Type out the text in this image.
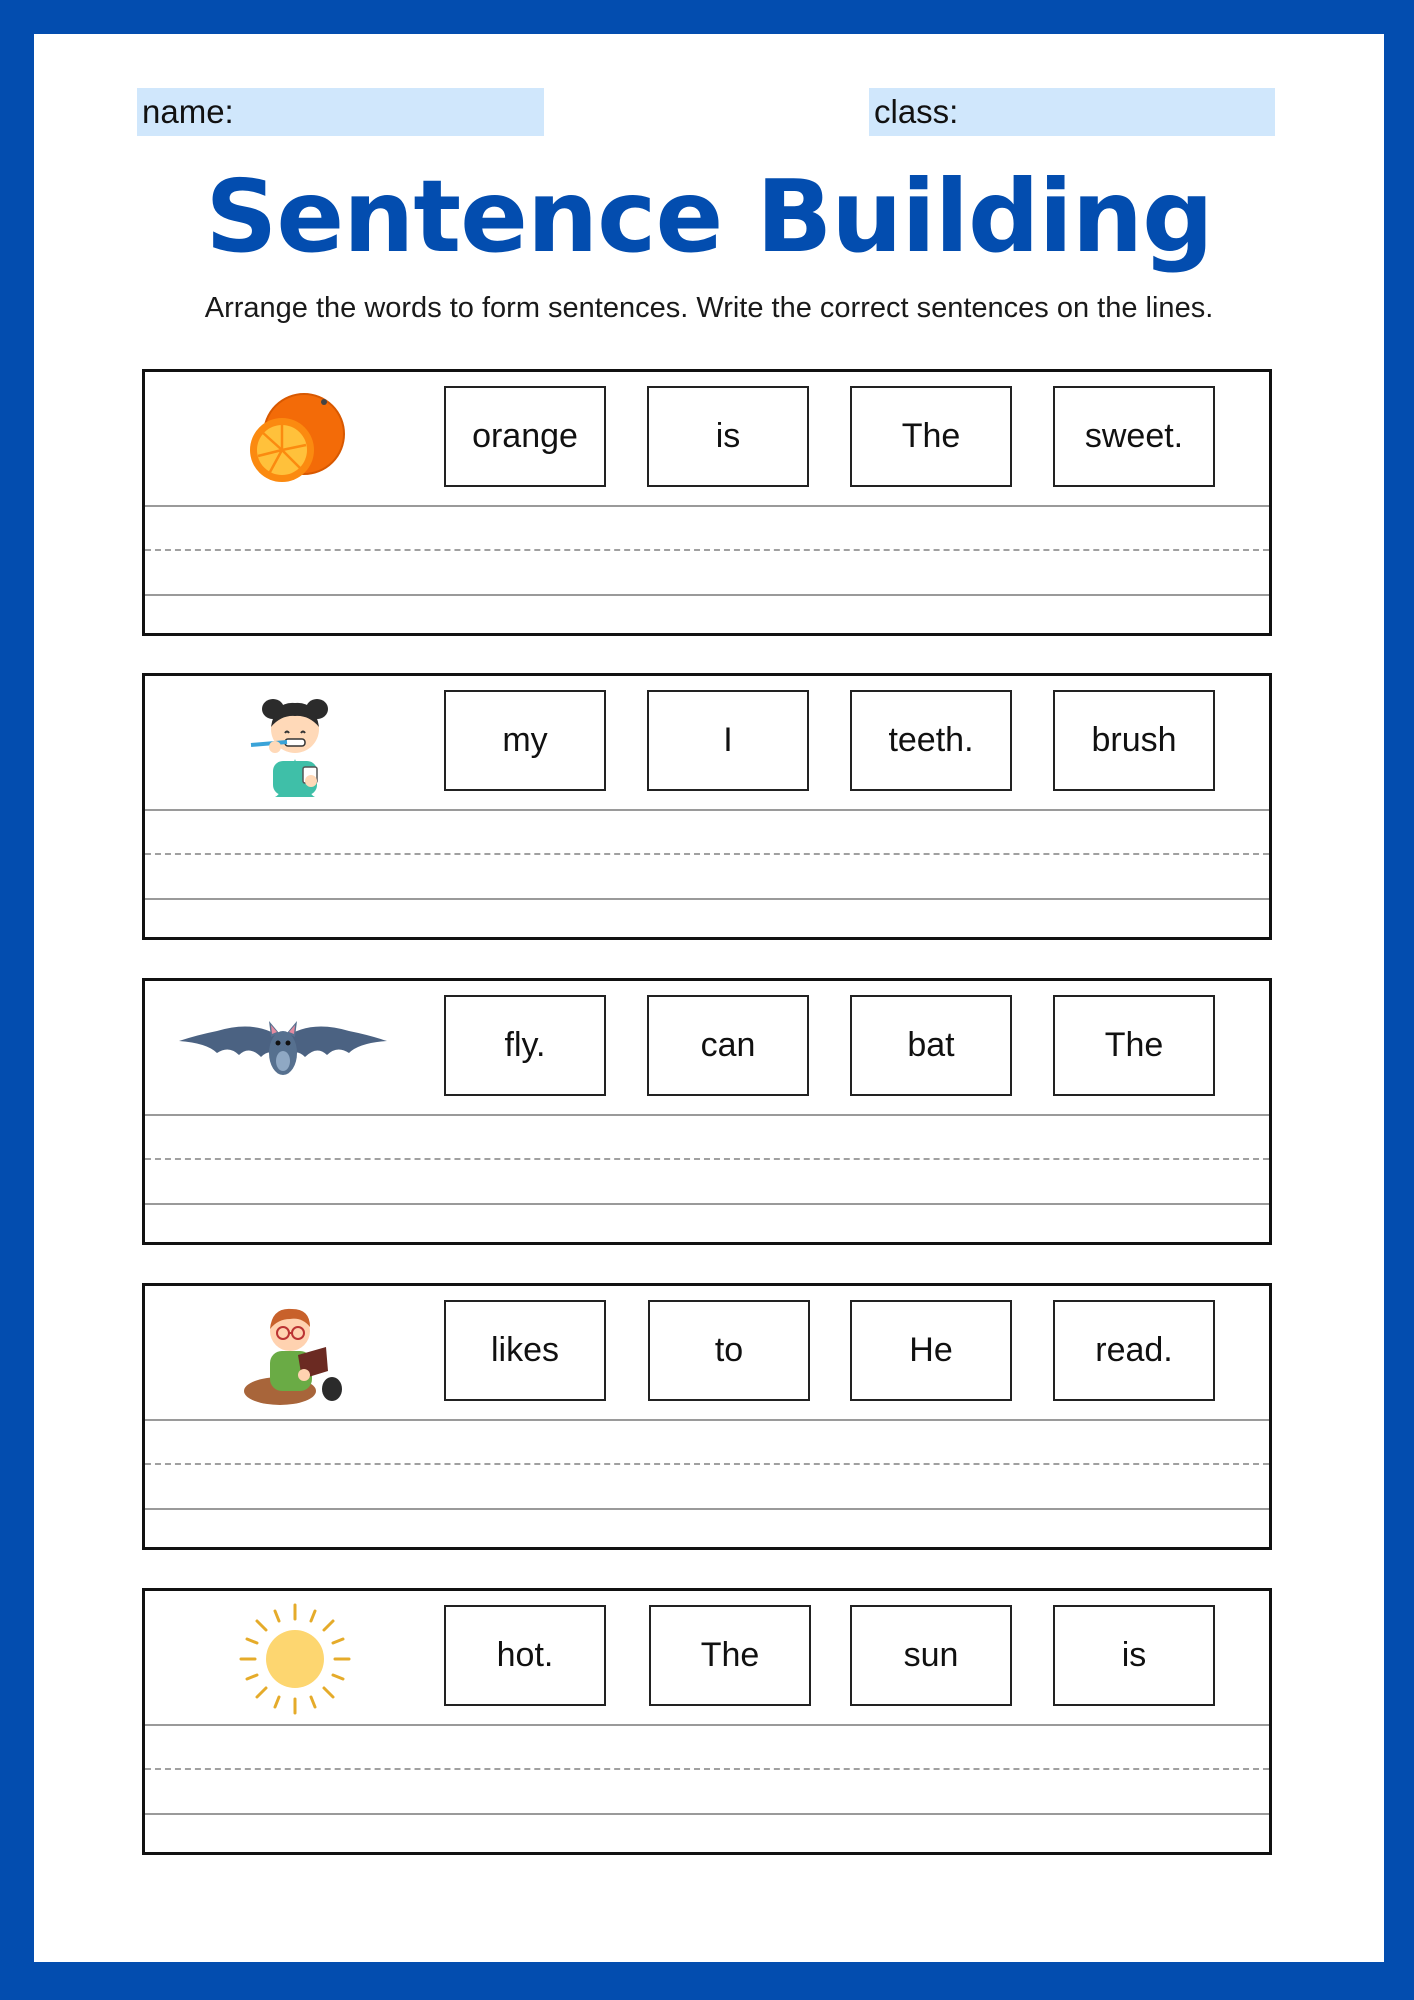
name:	class:
Sentence Building
Arrange the words to form sentences. Write the correct sentences on the lines.
orange	is	The	sweet.
my	I	teeth.	brush
fly.	can	bat	The
likes	to	He	read.
hot.	The	sun	is
